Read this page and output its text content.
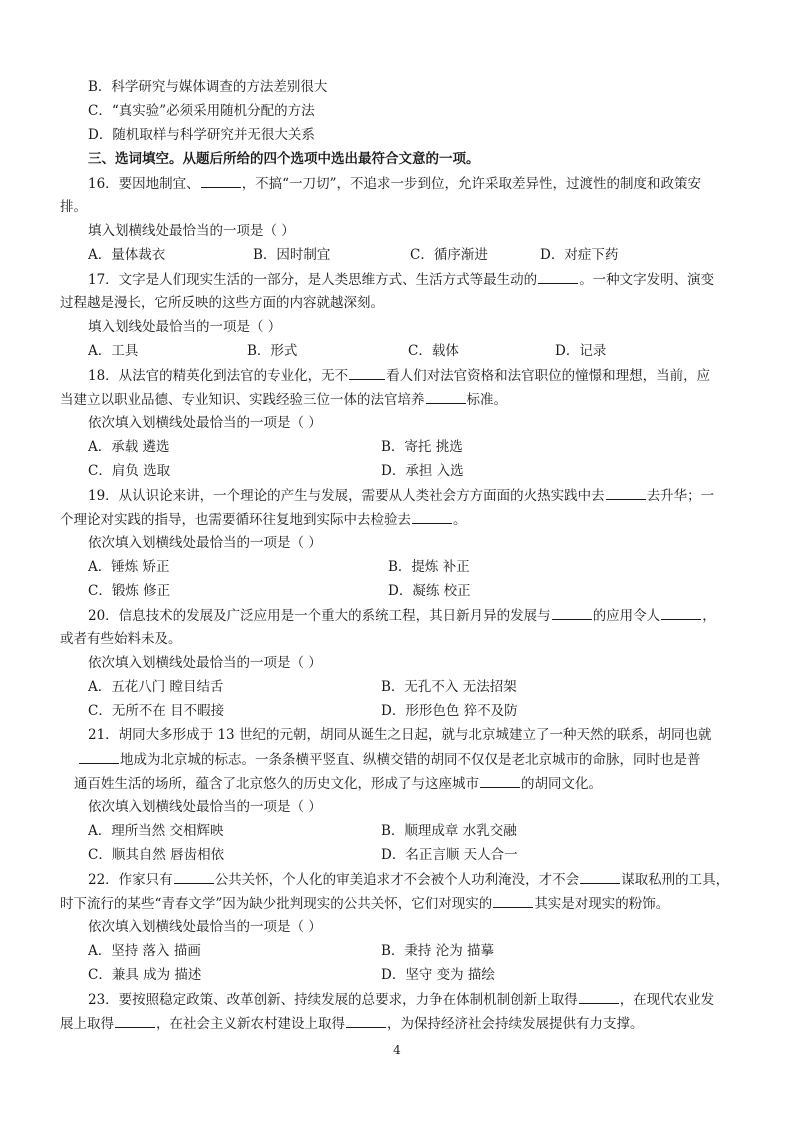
B．科学研究与媒体调查的方法差别很大
C．“真实验”必须采用随机分配的方法
D．随机取样与科学研究并无很大关系
三、选词填空。从题后所给的四个选项中选出最符合文意的一项。
16．要因地制宜、	，不搞“一刀切”，不追求一步到位，允许采取差异性，过渡性的制度和政策安
排。
填入划横线处最恰当的一项是（ ）
A．量体裁衣	B．因时制宜	C．循序渐进	D．对症下药
17．文字是人们现实生活的一部分，是人类思维方式、生活方式等最生动的	。一种文字发明、演变
过程越是漫长，它所反映的这些方面的内容就越深刻。
填入划线处最恰当的一项是（ ）
A．工具	B．形式	C．载体	D．记录
18．从法官的精英化到法官的专业化，无不	看人们对法官资格和法官职位的憧憬和理想，当前，应
当建立以职业品德、专业知识、实践经验三位一体的法官培养	标准。
依次填入划横线处最恰当的一项是（ ）
A．承载 遴选	B．寄托 挑选
C．肩负 选取	D．承担 入选
19．从认识论来讲，一个理论的产生与发展，需要从人类社会方方面面的火热实践中去	去升华；一
个理论对实践的指导，也需要循环往复地到实际中去检验去	。
依次填入划横线处最恰当的一项是（ ）
A．锤炼 矫正	B．提炼 补正
C．锻炼 修正	D．凝练 校正
20．信息技术的发展及广泛应用是一个重大的系统工程，其日新月异的发展与	的应用令人	，
或者有些始料未及。
依次填入划横线处最恰当的一项是（ ）
A．五花八门 瞠目结舌	B．无孔不入 无法招架
C．无所不在 目不暇接	D．形形色色 猝不及防
21．胡同大多形成于 13 世纪的元朝，胡同从诞生之日起，就与北京城建立了一种天然的联系，胡同也就
地成为北京城的标志。一条条横平竖直、纵横交错的胡同不仅仅是老北京城市的命脉，同时也是普
通百姓生活的场所，蕴含了北京悠久的历史文化，形成了与这座城市	的胡同文化。
依次填入划横线处最恰当的一项是（ ）
A．理所当然 交相辉映	B．顺理成章 水乳交融
C．顺其自然 唇齿相依	D．名正言顺 天人合一
22．作家只有	公共关怀，个人化的审美追求才不会被个人功利淹没，才不会	谋取私刑的工具，
时下流行的某些“青春文学”因为缺少批判现实的公共关怀，它们对现实的	其实是对现实的粉饰。
依次填入划横线处最恰当的一项是（ ）
A．坚持 落入 描画	B．秉持 沦为 描摹
C．兼具 成为 描述	D．坚守 变为 描绘
23．要按照稳定政策、改革创新、持续发展的总要求，力争在体制机制创新上取得	，在现代农业发
展上取得	，在社会主义新农村建设上取得	，为保持经济社会持续发展提供有力支撑。
4
